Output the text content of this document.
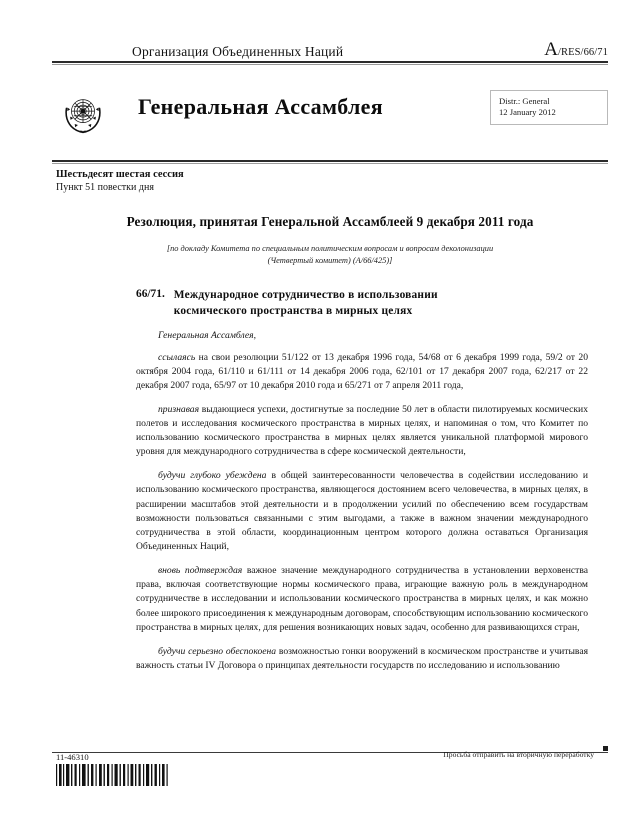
Организация Объединенных Наций	A/RES/66/71
Генеральная Ассамблея	Distr.: General
12 January 2012
Шестьдесят шестая сессия
Пункт 51 повестки дня
Резолюция, принятая Генеральной Ассамблеей 9 декабря 2011 года
[по докладу Комитета по специальным политическим вопросам и вопросам деколонизации
(Четвертый комитет) (A/66/425)]
66/71. Международное сотрудничество в использовании
космического пространства в мирных целях
Генеральная Ассамблея,

ссылаясь на свои резолюции 51/122 от 13 декабря 1996 года, 54/68 от 6 декабря 1999 года, 59/2 от 20 октября 2004 года, 61/110 и 61/111 от 14 декабря 2006 года, 62/101 от 17 декабря 2007 года, 62/217 от 22 декабря 2007 года, 65/97 от 10 декабря 2010 года и 65/271 от 7 апреля 2011 года,

признавая выдающиеся успехи, достигнутые за последние 50 лет в области пилотируемых космических полетов и исследования космического пространства в мирных целях, и напоминая о том, что Комитет по использованию космического пространства в мирных целях является уникальной платформой мирового уровня для международного сотрудничества в сфере космической деятельности,

будучи глубоко убеждена в общей заинтересованности человечества в содействии исследованию и использованию космического пространства, являющегося достоянием всего человечества, в мирных целях, в расширении масштабов этой деятельности и в продолжении усилий по обеспечению всем государствам возможности пользоваться связанными с этим выгодами, а также в важном значении международного сотрудничества в этой области, координационным центром которого должна оставаться Организация Объединенных Наций,

вновь подтверждая важное значение международного сотрудничества в установлении верховенства права, включая соответствующие нормы космического права, играющие важную роль в международном сотрудничестве в исследовании и использовании космического пространства в мирных целях, и как можно более широкого присоединения к международным договорам, способствующим использованию космического пространства в мирных целях, для решения возникающих новых задач, особенно для развивающихся стран,

будучи серьезно обеспокоена возможностью гонки вооружений в космическом пространстве и учитывая важность статьи IV Договора о принципах деятельности государств по исследованию и использованию

11-46310	Просьба отправить на вторичную переработку
